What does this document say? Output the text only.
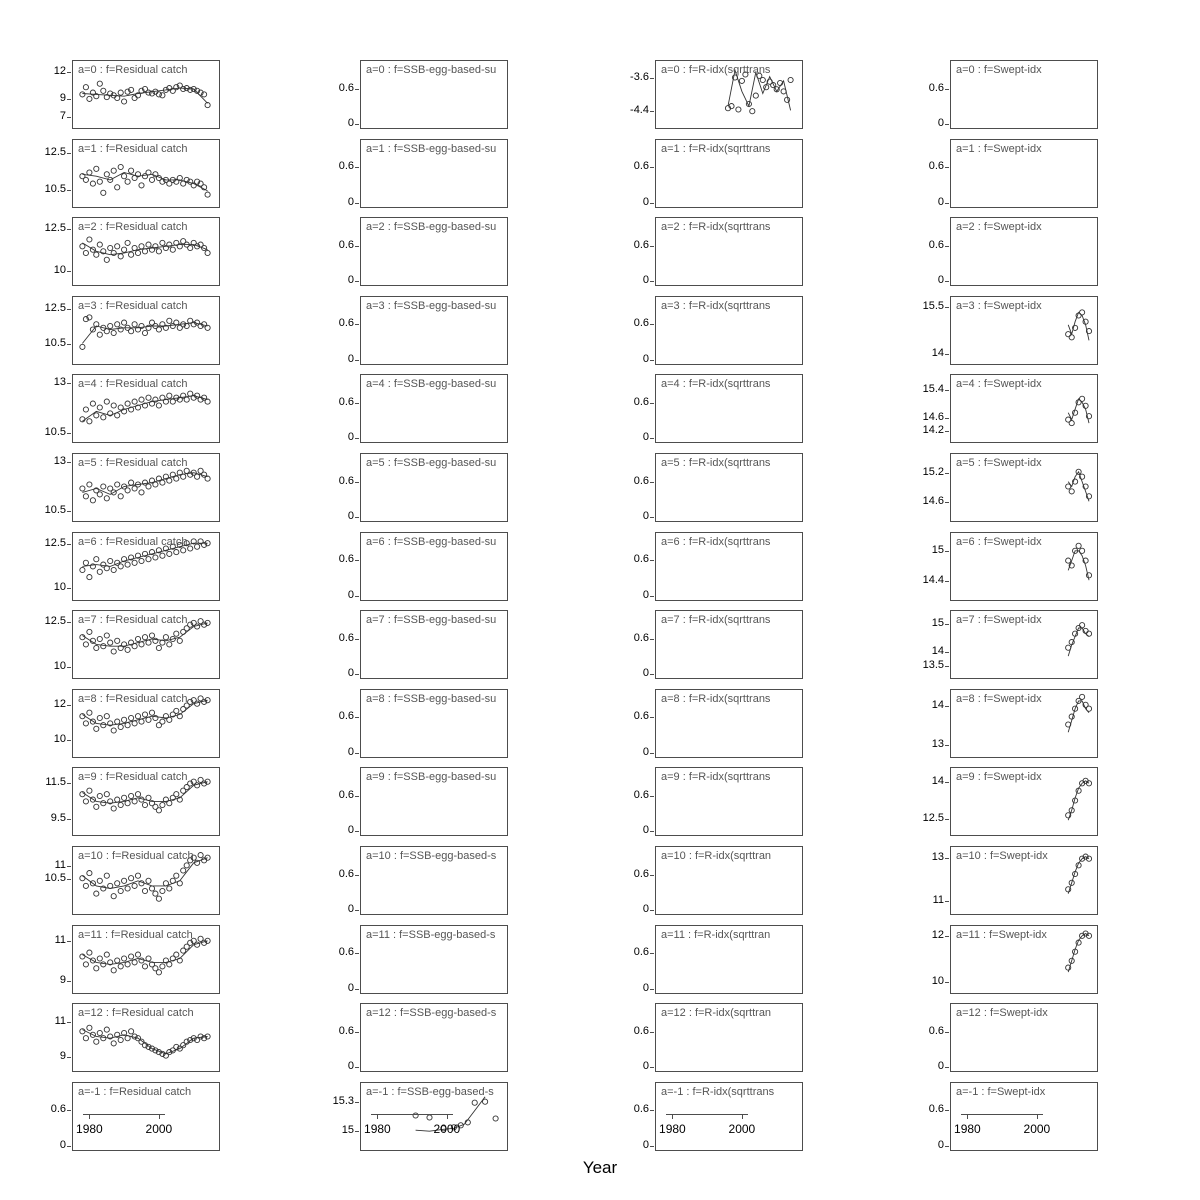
a=0 : f=Residual catch
7
9
12
a=1 : f=Residual catch
10.5
12.5
a=2 : f=Residual catch
10
12.5
a=3 : f=Residual catch
10.5
12.5
a=4 : f=Residual catch
10.5
13
a=5 : f=Residual catch
10.5
13
a=6 : f=Residual catch
10
12.5
a=7 : f=Residual catch
10
12.5
a=8 : f=Residual catch
10
12
a=9 : f=Residual catch
9.5
11.5
a=10 : f=Residual catch
10.5
11
a=11 : f=Residual catch
9
11
a=12 : f=Residual catch
9
11
a=-1 : f=Residual catch
0
0.6
1980	2000
a=0 : f=SSB-egg-based-su
0
0.6
a=1 : f=SSB-egg-based-su
0
0.6
a=2 : f=SSB-egg-based-su
0
0.6
a=3 : f=SSB-egg-based-su
0
0.6
a=4 : f=SSB-egg-based-su
0
0.6
a=5 : f=SSB-egg-based-su
0
0.6
a=6 : f=SSB-egg-based-su
0
0.6
a=7 : f=SSB-egg-based-su
0
0.6
a=8 : f=SSB-egg-based-su
0
0.6
a=9 : f=SSB-egg-based-su
0
0.6
a=10 : f=SSB-egg-based-s
0
0.6
a=11 : f=SSB-egg-based-s
0
0.6
a=12 : f=SSB-egg-based-s
0
0.6
a=-1 : f=SSB-egg-based-s
15
15.3
1980	2000
a=0 : f=R-idx(sqrttrans
-4.4
-3.6
a=1 : f=R-idx(sqrttrans
0
0.6
a=2 : f=R-idx(sqrttrans
0
0.6
a=3 : f=R-idx(sqrttrans
0
0.6
a=4 : f=R-idx(sqrttrans
0
0.6
a=5 : f=R-idx(sqrttrans
0
0.6
a=6 : f=R-idx(sqrttrans
0
0.6
a=7 : f=R-idx(sqrttrans
0
0.6
a=8 : f=R-idx(sqrttrans
0
0.6
a=9 : f=R-idx(sqrttrans
0
0.6
a=10 : f=R-idx(sqrttran
0
0.6
a=11 : f=R-idx(sqrttran
0
0.6
a=12 : f=R-idx(sqrttran
0
0.6
a=-1 : f=R-idx(sqrttrans
0
0.6
1980	2000
a=0 : f=Swept-idx
0
0.6
a=1 : f=Swept-idx
0
0.6
a=2 : f=Swept-idx
0
0.6
a=3 : f=Swept-idx
14
15.5
a=4 : f=Swept-idx
14.2
14.6
15.4
a=5 : f=Swept-idx
14.6
15.2
a=6 : f=Swept-idx
14.4
15
a=7 : f=Swept-idx
13.5
14
15
a=8 : f=Swept-idx
13
14
a=9 : f=Swept-idx
12.5
14
a=10 : f=Swept-idx
11
13
a=11 : f=Swept-idx
10
12
a=12 : f=Swept-idx
0
0.6
a=-1 : f=Swept-idx
0
0.6
1980	2000
Year
